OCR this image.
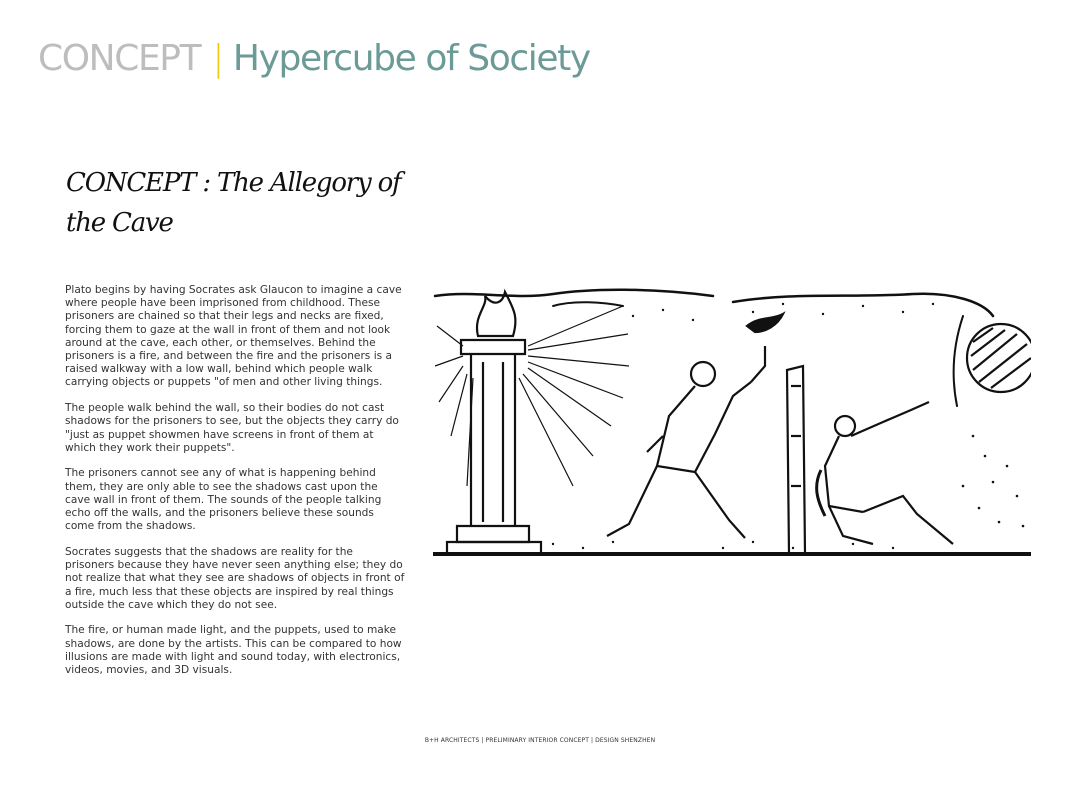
CONCEPT | Hypercube of Society
CONCEPT : The Allegory of the Cave

Plato begins by having Socrates ask Glaucon to imagine a cave where people have been imprisoned from childhood. These prisoners are chained so that their legs and necks are fixed, forcing them to gaze at the wall in front of them and not look around at the cave, each other, or themselves. Behind the prisoners is a fire, and between the fire and the prisoners is a raised walkway with a low wall, behind which people walk carrying objects or puppets "of men and other living things.

The people walk behind the wall, so their bodies do not cast shadows for the prisoners to see, but the objects they carry do "just as puppet showmen have screens in front of them at which they work their puppets".

The prisoners cannot see any of what is happening behind them, they are only able to see the shadows cast upon the cave wall in front of them. The sounds of the people talking echo off the walls, and the prisoners believe these sounds come from the shadows.

Socrates suggests that the shadows are reality for the prisoners because they have never seen anything else; they do not realize that what they see are shadows of objects in front of a fire, much less that these objects are inspired by real things outside the cave which they do not see.

The fire, or human made light, and the puppets, used to make shadows, are done by the artists. This can be compared to how illusions are made with light and sound today, with electronics, videos, movies, and 3D visuals.

B+H ARCHITECTS | PRELIMINARY INTERIOR CONCEPT | DESIGN SHENZHEN
